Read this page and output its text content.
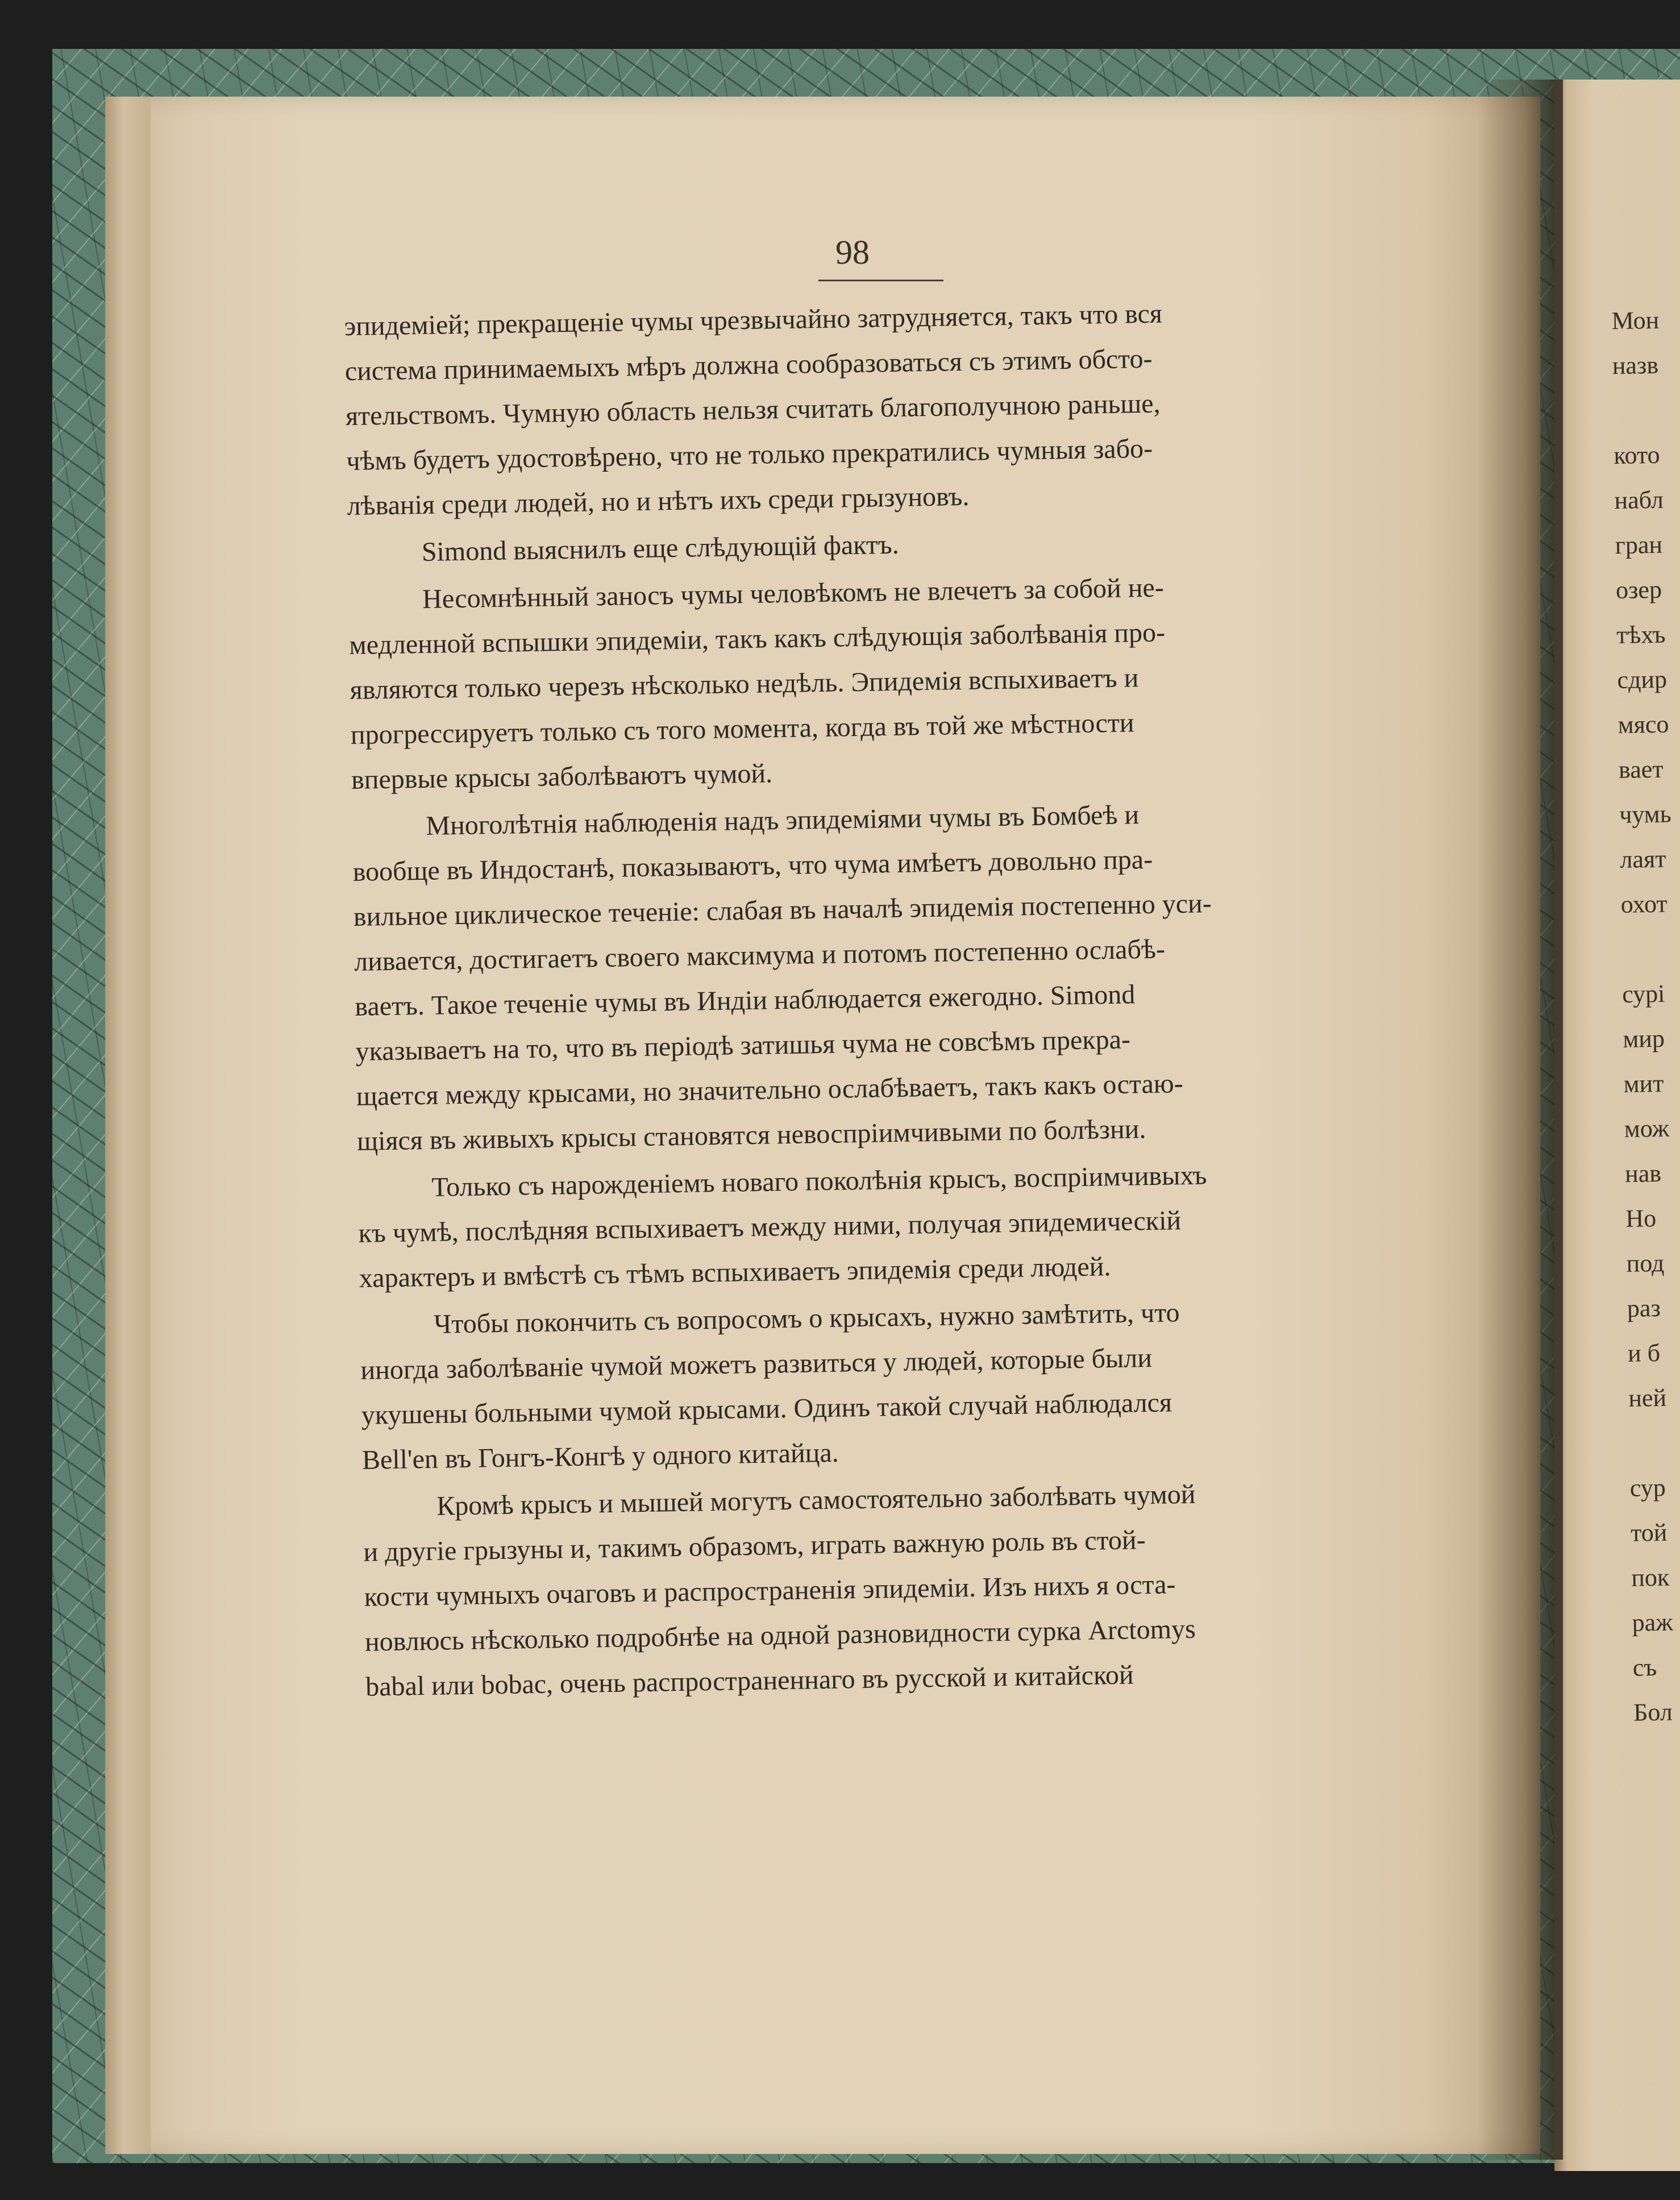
98

эпидеміей; прекращеніе чумы чрезвычайно затрудняется, такъ что вся
система принимаемыхъ мѣръ должна сообразоваться съ этимъ обсто-
ятельствомъ. Чумную область нельзя считать благополучною раньше,
чѣмъ будетъ удостовѣрено, что не только прекратились чумныя забо-
лѣванія среди людей, но и нѣтъ ихъ среди грызуновъ.

Simond выяснилъ еще слѣдующій фактъ.

Несомнѣнный заносъ чумы человѣкомъ не влечетъ за собой не-
медленной вспышки эпидеміи, такъ какъ слѣдующія заболѣванія про-
являются только черезъ нѣсколько недѣль. Эпидемія вспыхиваетъ и
прогрессируетъ только съ того момента, когда въ той же мѣстности
впервые крысы заболѣваютъ чумой.

Многолѣтнія наблюденія надъ эпидеміями чумы въ Бомбеѣ и
вообще въ Индостанѣ, показываютъ, что чума имѣетъ довольно пра-
вильное циклическое теченіе: слабая въ началѣ эпидемія постепенно уси-
ливается, достигаетъ своего максимума и потомъ постепенно ослабѣ-
ваетъ. Такое теченіе чумы въ Индіи наблюдается ежегодно. Simond
указываетъ на то, что въ періодѣ затишья чума не совсѣмъ прекра-
щается между крысами, но значительно ослабѣваетъ, такъ какъ остаю-
щіяся въ живыхъ крысы становятся невоспріимчивыми по болѣзни.

Только съ нарожденіемъ новаго поколѣнія крысъ, воспріимчивыхъ
къ чумѣ, послѣдняя вспыхиваетъ между ними, получая эпидемическій
характеръ и вмѣстѣ съ тѣмъ вспыхиваетъ эпидемія среди людей.

Чтобы покончить съ вопросомъ о крысахъ, нужно замѣтить, что
иногда заболѣваніе чумой можетъ развиться у людей, которые были
укушены больными чумой крысами. Одинъ такой случай наблюдался
Bell'en въ Гонгъ-Конгѣ у одного китайца.

Кромѣ крысъ и мышей могутъ самостоятельно заболѣвать чумой
и другіе грызуны и, такимъ образомъ, играть важную роль въ стой-
кости чумныхъ очаговъ и распространенія эпидеміи. Изъ нихъ я оста-
новлюсь нѣсколько подробнѣе на одной разновидности сурка Arctomys
babal или bobac, очень распространеннаго въ русской и китайской

Мон
назв
кото
набл
гран
озер
тѣхъ
сдир
мясо
вает
чумь
лаят
охот
сурі
мир
мит
мож
нав
Но
под
раз
и б
ней
сур
той
пок
раж
съ
Бол
